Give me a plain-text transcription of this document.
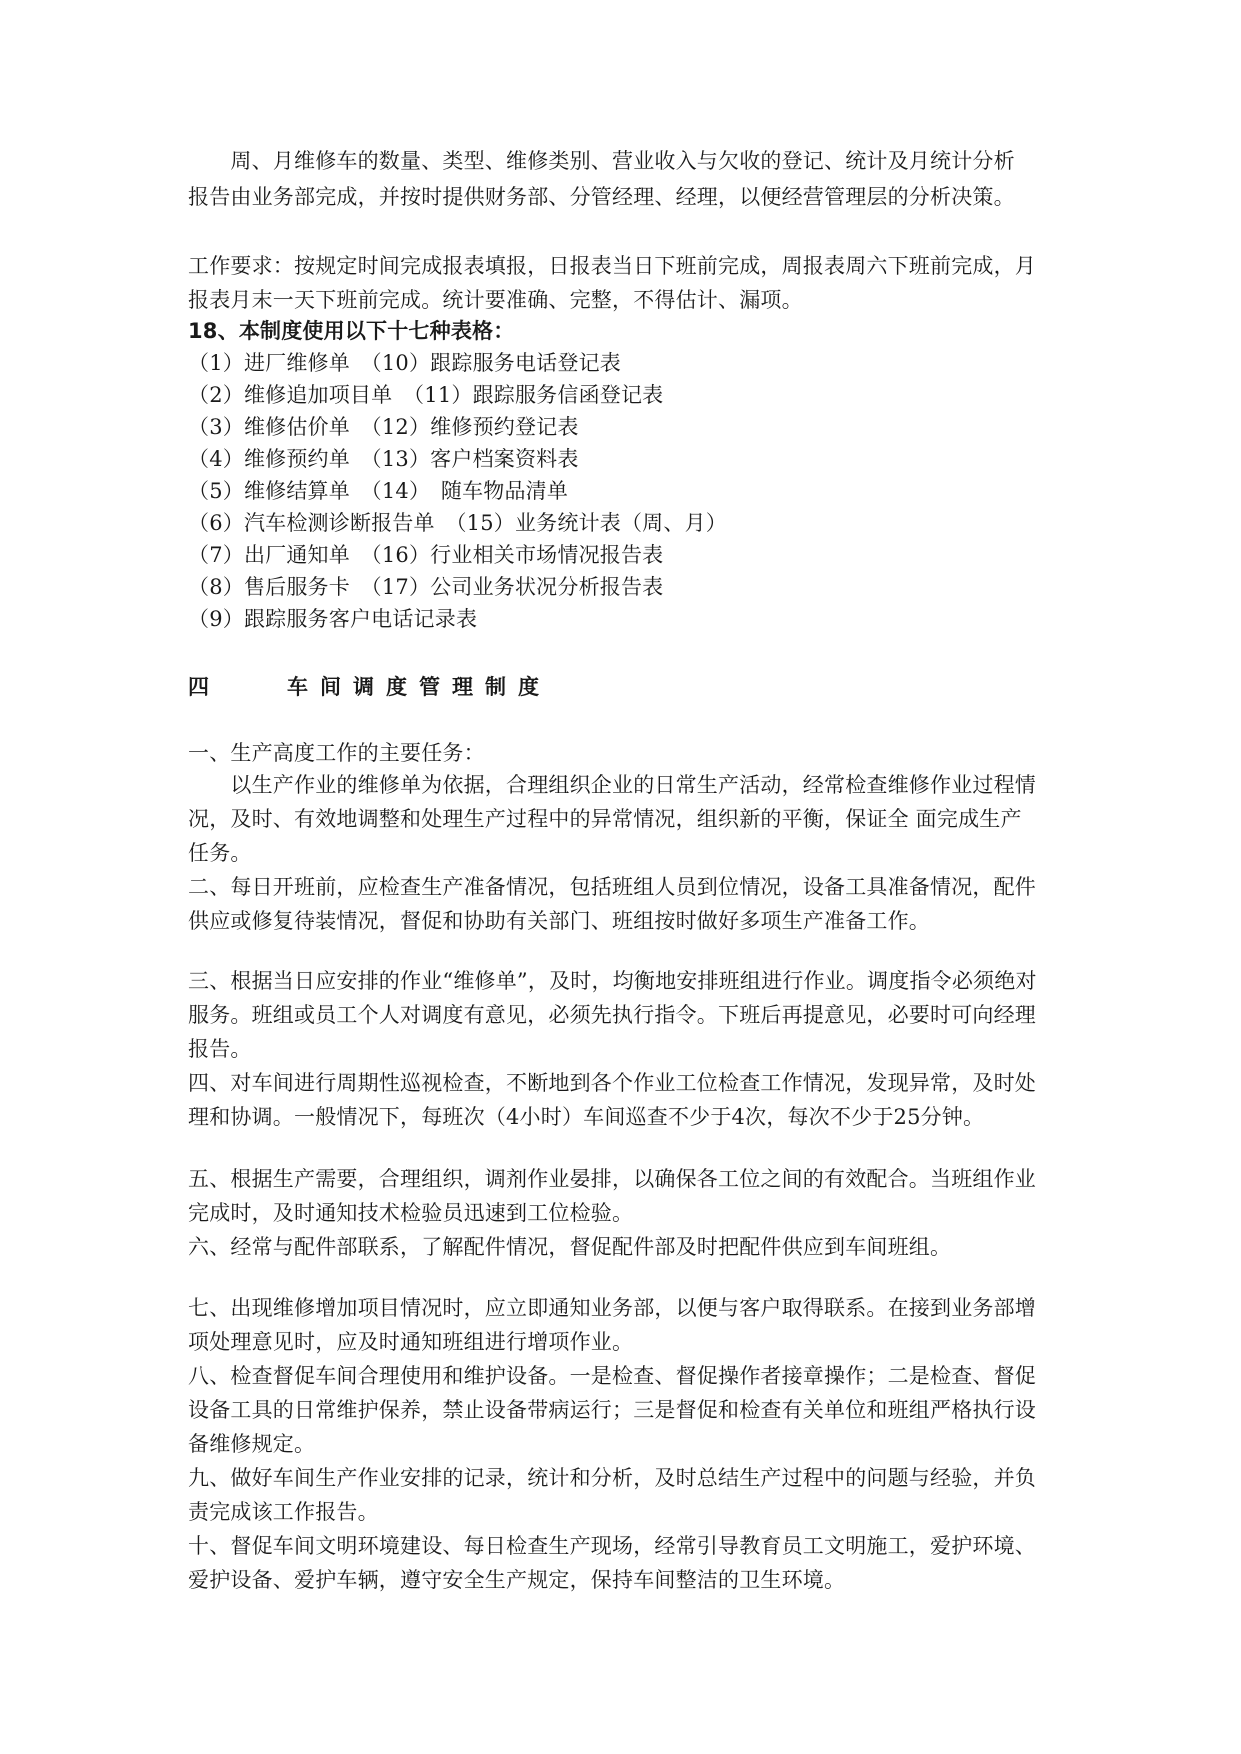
　　周、月维修车的数量、类型、维修类别、营业收入与欠收的登记、统计及月统计分析
报告由业务部完成，并按时提供财务部、分管经理、经理，以便经营管理层的分析决策。
工作要求：按规定时间完成报表填报，日报表当日下班前完成，周报表周六下班前完成，月
报表月末一天下班前完成。统计要准确、完整，不得估计、漏项。
18、本制度使用以下十七种表格：
（1）进厂维修单　（10）跟踪服务电话登记表
（2）维修追加项目单　（11）跟踪服务信函登记表
（3）维修估价单　（12）维修预约登记表
（4）维修预约单　（13）客户档案资料表
（5）维修结算单　（14）　随车物品清单
（6）汽车检测诊断报告单　（15）业务统计表（周、月）
（7）出厂通知单　（16）行业相关市场情况报告表
（8）售后服务卡　（17）公司业务状况分析报告表
（9）跟踪服务客户电话记录表
四　　车间调度管理制度
一、生产高度工作的主要任务：
　　以生产作业的维修单为依据，合理组织企业的日常生产活动，经常检查维修作业过程情
况，及时、有效地调整和处理生产过程中的异常情况，组织新的平衡，保证全 面完成生产
任务。
二、每日开班前，应检查生产准备情况，包括班组人员到位情况，设备工具准备情况，配件
供应或修复待装情况，督促和协助有关部门、班组按时做好多项生产准备工作。
三、根据当日应安排的作业“维修单”，及时，均衡地安排班组进行作业。调度指令必须绝对
服务。班组或员工个人对调度有意见，必须先执行指令。下班后再提意见，必要时可向经理
报告。
四、对车间进行周期性巡视检查，不断地到各个作业工位检查工作情况，发现异常，及时处
理和协调。一般情况下，每班次（4小时）车间巡查不少于4次，每次不少于25分钟。
五、根据生产需要，合理组织，调剂作业晏排，以确保各工位之间的有效配合。当班组作业
完成时，及时通知技术检验员迅速到工位检验。
六、经常与配件部联系，了解配件情况，督促配件部及时把配件供应到车间班组。
七、出现维修增加项目情况时，应立即通知业务部，以便与客户取得联系。在接到业务部增
项处理意见时，应及时通知班组进行增项作业。
八、检查督促车间合理使用和维护设备。一是检查、督促操作者接章操作；二是检查、督促
设备工具的日常维护保养，禁止设备带病运行；三是督促和检查有关单位和班组严格执行设
备维修规定。
九、做好车间生产作业安排的记录，统计和分析，及时总结生产过程中的问题与经验，并负
责完成该工作报告。
十、督促车间文明环境建设、每日检查生产现场，经常引导教育员工文明施工，爱护环境、
爱护设备、爱护车辆，遵守安全生产规定，保持车间整洁的卫生环境。
